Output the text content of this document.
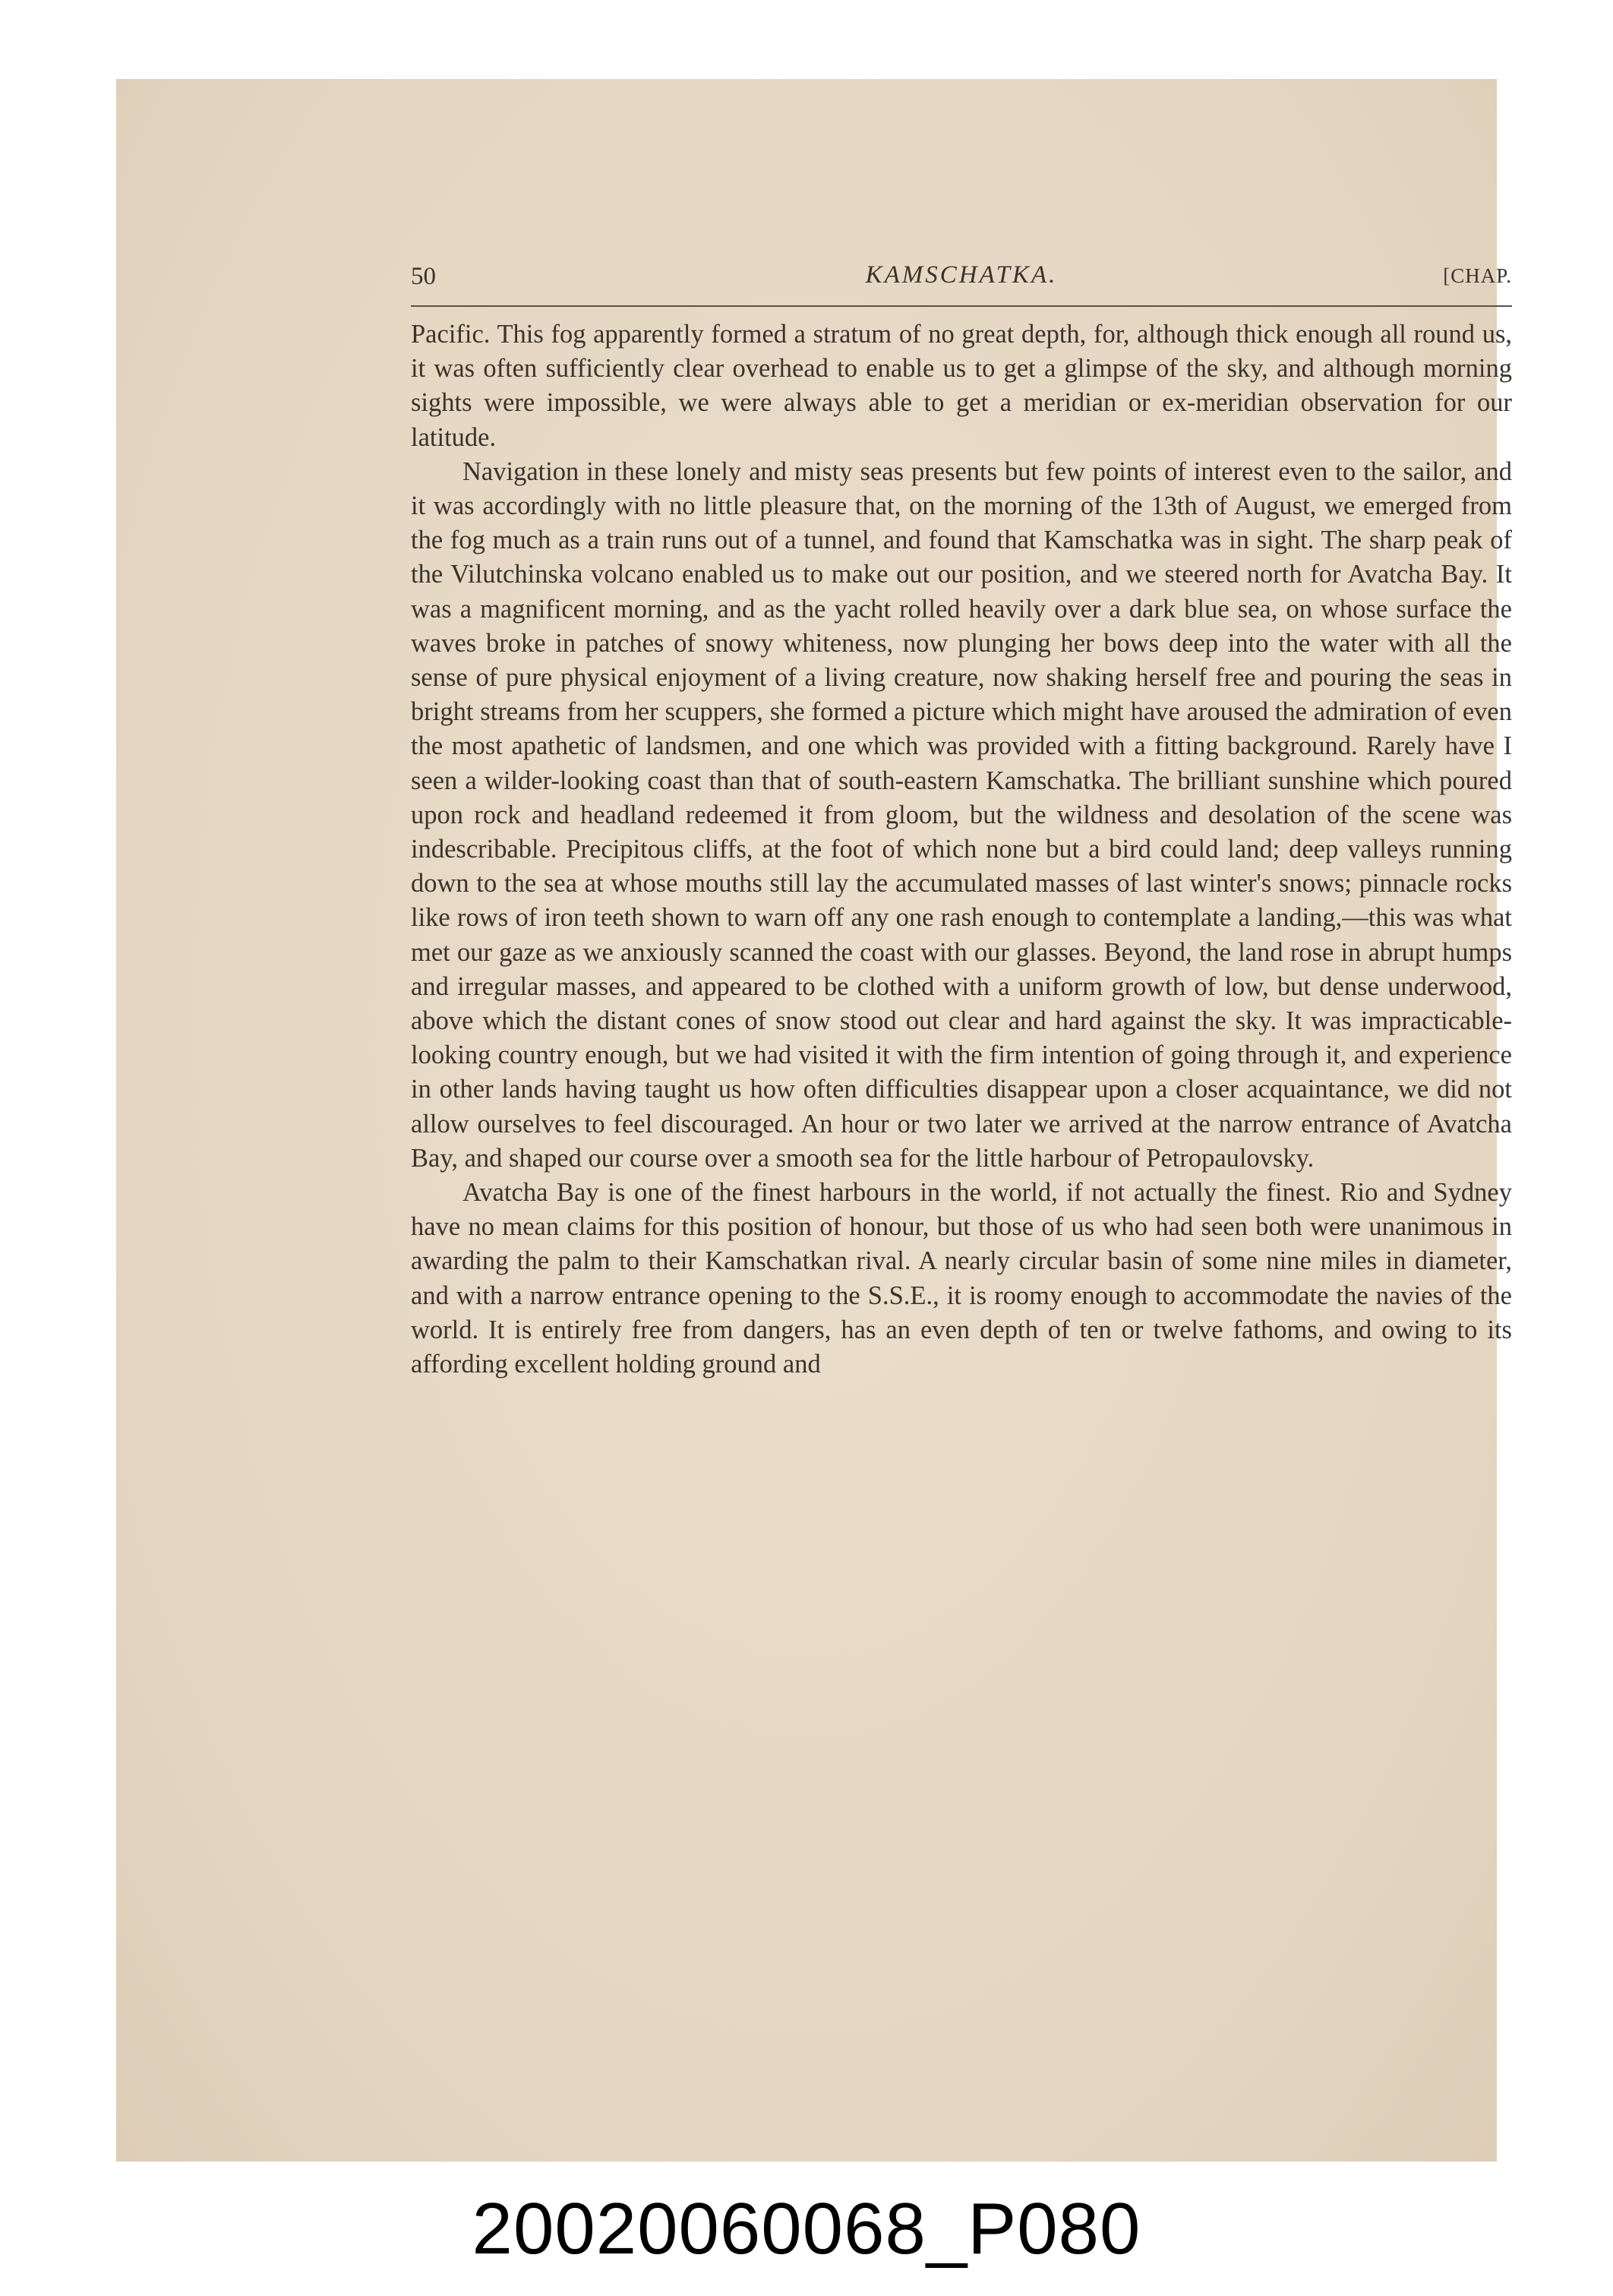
50	KAMSCHATKA.	[CHAP.

Pacific. This fog apparently formed a stratum of no great depth, for, although thick enough all round us, it was often sufficiently clear overhead to enable us to get a glimpse of the sky, and although morning sights were impossible, we were always able to get a meridian or ex-meridian observation for our latitude.

Navigation in these lonely and misty seas presents but few points of interest even to the sailor, and it was accordingly with no little pleasure that, on the morning of the 13th of August, we emerged from the fog much as a train runs out of a tunnel, and found that Kamschatka was in sight. The sharp peak of the Vilutchinska volcano enabled us to make out our position, and we steered north for Avatcha Bay. It was a magnificent morning, and as the yacht rolled heavily over a dark blue sea, on whose surface the waves broke in patches of snowy whiteness, now plunging her bows deep into the water with all the sense of pure physical enjoyment of a living creature, now shaking herself free and pouring the seas in bright streams from her scuppers, she formed a picture which might have aroused the admiration of even the most apathetic of landsmen, and one which was provided with a fitting background. Rarely have I seen a wilder-looking coast than that of south-eastern Kamschatka. The brilliant sunshine which poured upon rock and headland redeemed it from gloom, but the wildness and desolation of the scene was indescribable. Precipitous cliffs, at the foot of which none but a bird could land; deep valleys running down to the sea at whose mouths still lay the accumulated masses of last winter's snows; pinnacle rocks like rows of iron teeth shown to warn off any one rash enough to contemplate a landing,—this was what met our gaze as we anxiously scanned the coast with our glasses. Beyond, the land rose in abrupt humps and irregular masses, and appeared to be clothed with a uniform growth of low, but dense underwood, above which the distant cones of snow stood out clear and hard against the sky. It was impracticable-looking country enough, but we had visited it with the firm intention of going through it, and experience in other lands having taught us how often difficulties disappear upon a closer acquaintance, we did not allow ourselves to feel discouraged. An hour or two later we arrived at the narrow entrance of Avatcha Bay, and shaped our course over a smooth sea for the little harbour of Petropaulovsky.

Avatcha Bay is one of the finest harbours in the world, if not actually the finest. Rio and Sydney have no mean claims for this position of honour, but those of us who had seen both were unanimous in awarding the palm to their Kamschatkan rival. A nearly circular basin of some nine miles in diameter, and with a narrow entrance opening to the S.S.E., it is roomy enough to accommodate the navies of the world. It is entirely free from dangers, has an even depth of ten or twelve fathoms, and owing to its affording excellent holding ground and

20020060068_P080
